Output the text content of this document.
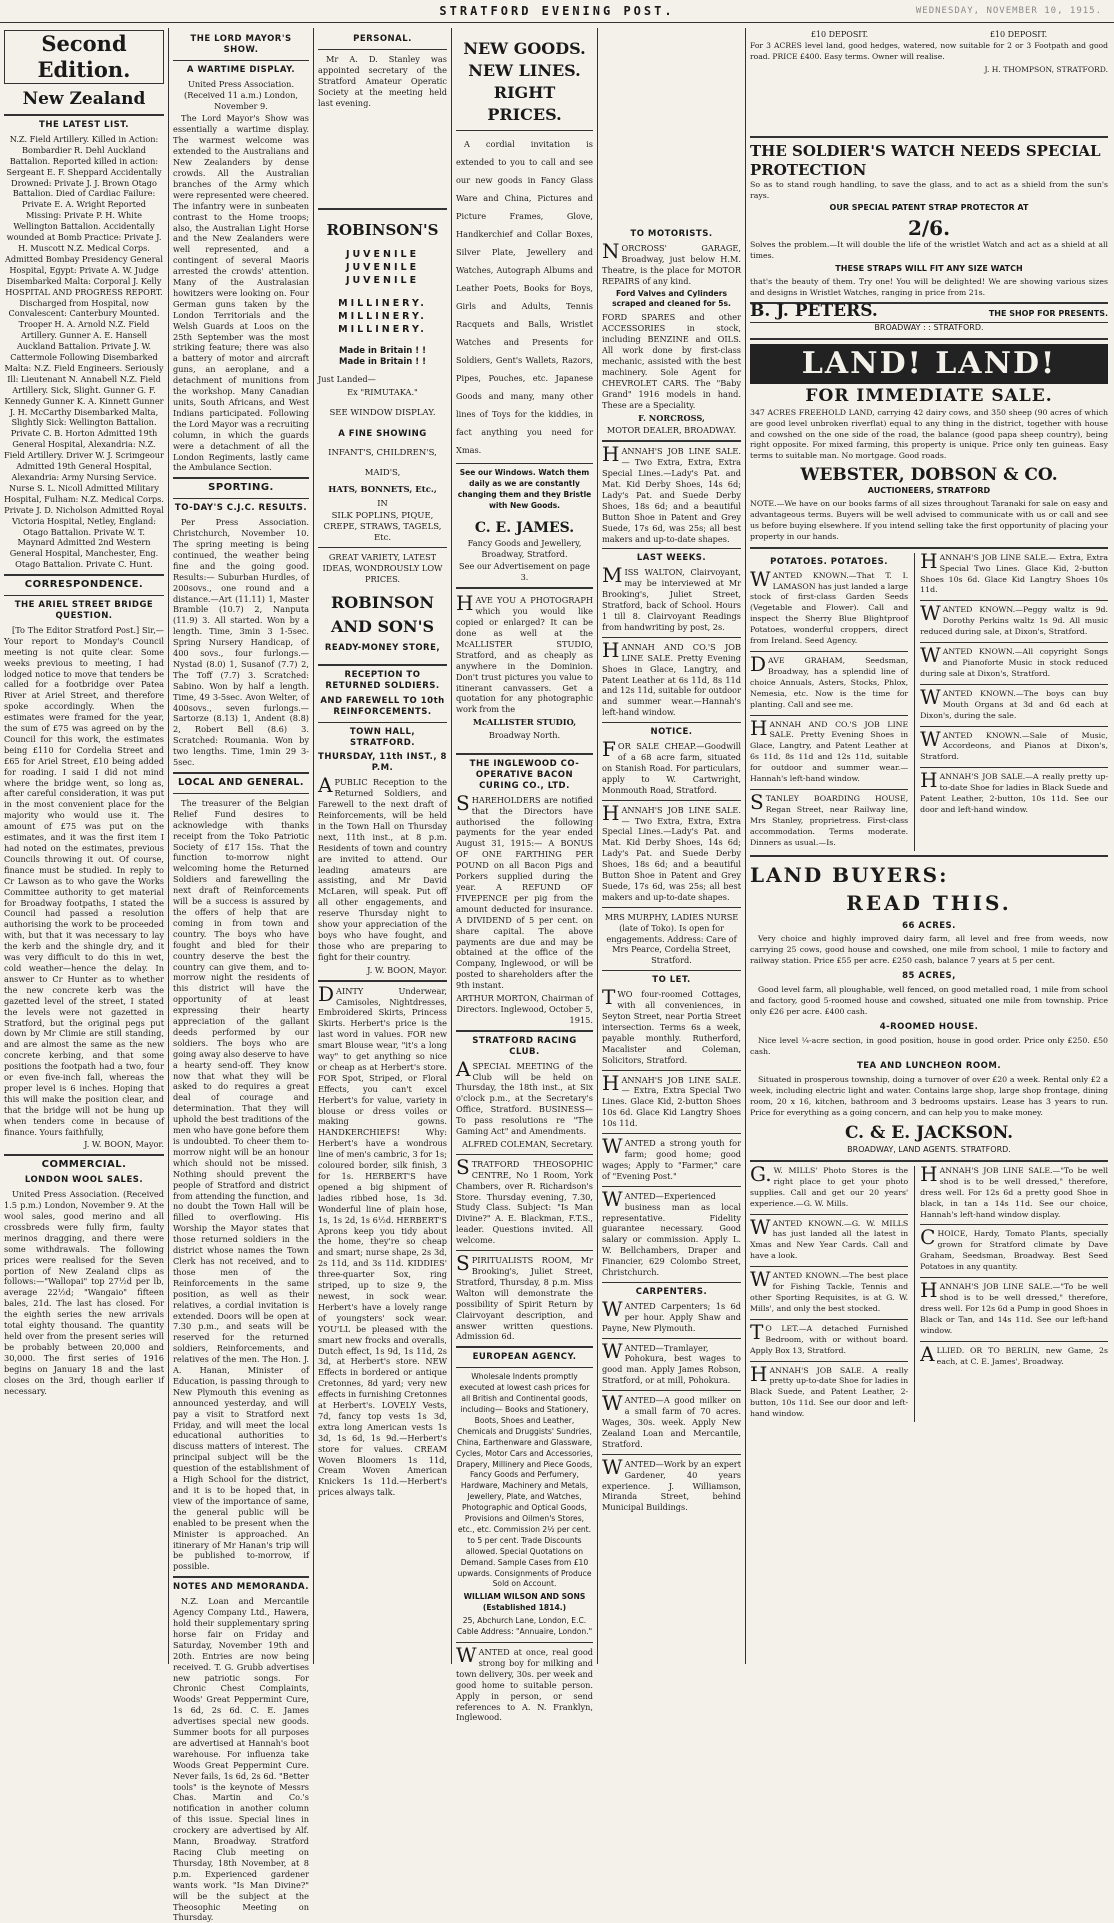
STRATFORD EVENING POST.	WEDNESDAY, NOVEMBER 10, 1915.
Second Edition.
New Zealand
THE LATEST LIST.

N.Z. Field Artillery. Killed in Action: Bombardier R. Dehl Auckland Battalion. Reported killed in action: Sergeant E. F. Sheppard Accidentally Drowned: Private J. J. Brown Otago Battalion. Died of Cardiac Failure: Private E. A. Wright Reported Missing: Private P. H. White Wellington Battalion. Accidentally wounded at Bomb Practice: Private J. H. Muscott N.Z. Medical Corps. Admitted Bombay Presidency General Hospital, Egypt: Private A. W. Judge Disembarked Malta: Corporal J. Kelly HOSPITAL AND PROGRESS REPORT. Discharged from Hospital, now Convalescent: Canterbury Mounted. Trooper H. A. Arnold N.Z. Field Artillery. Gunner A. E. Hansell Auckland Battalion. Private J. W. Cattermole Following Disembarked Malta: N.Z. Field Engineers. Seriously Ill: Lieutenant N. Annabell N.Z. Field Artillery. Sick, Slight. Gunner G. F. Kennedy Gunner K. A. Kinnett Gunner J. H. McCarthy Disembarked Malta, Slightly Sick: Wellington Battalion. Private C. B. Horton Admitted 19th General Hospital, Alexandria: N.Z. Field Artillery. Driver W. J. Scrimgeour Admitted 19th General Hospital, Alexandria: Army Nursing Service. Nurse S. L. Nicoll Admitted Military Hospital, Fulham: N.Z. Medical Corps. Private J. D. Nicholson Admitted Royal Victoria Hospital, Netley, England: Otago Battalion. Private W. T. Maynard Admitted 2nd Western General Hospital, Manchester, Eng. Otago Battalion. Private C. Hunt.

CORRESPONDENCE.
THE ARIEL STREET BRIDGE QUESTION.

[To The Editor Stratford Post.] Sir,—Your report to Monday's Council meeting is not quite clear. Some weeks previous to meeting, I had lodged notice to move that tenders be called for a footbridge over Patea River at Ariel Street, and therefore spoke accordingly. When the estimates were framed for the year, the sum of £75 was agreed on by the Council for this work, the estimates being £110 for Cordelia Street and £65 for Ariel Street, £10 being added for roading. I said I did not mind where the bridge went, so long as, after careful consideration, it was put in the most convenient place for the majority who would use it. The amount of £75 was put on the estimates, and it was the first item I had noted on the estimates, previous Councils throwing it out. Of course, finance must be studied. In reply to Cr Lawson as to who gave the Works Committee authority to get material for Broadway footpaths, I stated the Council had passed a resolution authorising the work to be proceeded with, but that it was necessary to lay the kerb and the shingle dry, and it was very difficult to do this in wet, cold weather—hence the delay. In answer to Cr Hunter as to whether the new concrete kerb was the gazetted level of the street, I stated the levels were not gazetted in Stratford, but the original pegs put down by Mr Climie are still standing, and are almost the same as the new concrete kerbing, and that some positions the footpath had a two, four or even five-inch fall, whereas the proper level is 6 inches. Hoping that this will make the position clear, and that the bridge will not be hung up when tenders come in because of finance. Yours faithfully,

J. W. BOON, Mayor.

COMMERCIAL.
LONDON WOOL SALES.

United Press Association. (Received 1.5 p.m.) London, November 9. At the wool sales, good merino and all crossbreds were fully firm, faulty merinos dragging, and there were some withdrawals. The following prices were realised for the Seven portion of New Zealand clips as follows:—"Wallopai" top 27½d per lb, average 22½d; "Wangaio" fifteen bales, 21d. The last has closed. For the eighth series the new arrivals total eighty thousand. The quantity held over from the present series will be probably between 20,000 and 30,000. The first series of 1916 begins on January 18 and the last closes on the 3rd, though earlier if necessary.

THE LORD MAYOR'S SHOW.
A WARTIME DISPLAY.

United Press Association. (Received 11 a.m.) London, November 9.

The Lord Mayor's Show was essentially a wartime display. The warmest welcome was extended to the Australians and New Zealanders by dense crowds. All the Australian branches of the Army which were represented were cheered. The infantry were in sunbeaten contrast to the Home troops; also, the Australian Light Horse and the New Zealanders were well represented, and a contingent of several Maoris arrested the crowds' attention. Many of the Australasian howitzers were looking on. Four German guns taken by the London Territorials and the Welsh Guards at Loos on the 25th September was the most striking feature; there was also a battery of motor and aircraft guns, an aeroplane, and a detachment of munitions from the workshop. Many Canadian units, South Africans, and West Indians participated. Following the Lord Mayor was a recruiting column, in which the guards were a detachment of all the London Regiments, lastly came the Ambulance Section.

SPORTING.
TO-DAY'S C.J.C. RESULTS.

Per Press Association. Christchurch, November 10. The spring meeting is being continued, the weather being fine and the going good. Results:— Suburban Hurdles, of 200sovs., one round and a distance.—Art (11.11) 1, Master Bramble (10.7) 2, Nanputa (11.9) 3. All started. Won by a length. Time, 3min 3 1-5sec. Spring Nursery Handicap, of 400 sovs., four furlongs.—Nystad (8.0) 1, Susanof (7.7) 2, The Toff (7.7) 3. Scratched: Sabino. Won by half a length. Time, 49 3-5sec. Avon Welter, of 400sovs., seven furlongs.—Sartorze (8.13) 1, Andent (8.8) 2, Robert Bell (8.6) 3. Scratched: Roumania. Won by two lengths. Time, 1min 29 3-5sec.

LOCAL AND GENERAL.

The treasurer of the Belgian Relief Fund desires to acknowledge with thanks receipt from the Toko Patriotic Society of £17 15s. That the function to-morrow night welcoming home the Returned Soldiers and farewelling the next draft of Reinforcements will be a success is assured by the offers of help that are coming in from town and country. The boys who have fought and bled for their country deserve the best the country can give them, and to-morrow night the residents of this district will have the opportunity of at least expressing their hearty appreciation of the gallant deeds performed by our soldiers. The boys who are going away also deserve to have a hearty send-off. They know now that what they will be asked to do requires a great deal of courage and determination. That they will uphold the best traditions of the men who have gone before them is undoubted. To cheer them to-morrow night will be an honour which should not be missed. Nothing should prevent the people of Stratford and district from attending the function, and no doubt the Town Hall will be filled to overflowing. His Worship the Mayor states that those returned soldiers in the district whose names the Town Clerk has not received, and to those men of the Reinforcements in the same position, as well as their relatives, a cordial invitation is extended. Doors will be open at 7.30 p.m., and seats will be reserved for the returned soldiers, Reinforcements, and relatives of the men. The Hon. J. A. Hanan, Minister of Education, is passing through to New Plymouth this evening as announced yesterday, and will pay a visit to Stratford next Friday, and will meet the local educational authorities to discuss matters of interest. The principal subject will be the question of the establishment of a High School for the district, and it is to be hoped that, in view of the importance of same, the general public will be enabled to be present when the Minister is approached. An itinerary of Mr Hanan's trip will be published to-morrow, if possible.

NOTES AND MEMORANDA.

N.Z. Loan and Mercantile Agency Company Ltd., Hawera, hold their supplementary spring horse fair on Friday and Saturday, November 19th and 20th. Entries are now being received. T. G. Grubb advertises new patriotic songs. For Chronic Chest Complaints, Woods' Great Peppermint Cure, 1s 6d, 2s 6d. C. E. James advertises special new goods. Summer boots for all purposes are advertised at Hannah's boot warehouse. For influenza take Woods Great Peppermint Cure. Never fails, 1s 6d, 2s 6d. "Better tools" is the keynote of Messrs Chas. Martin and Co.'s notification in another column of this issue. Special lines in crockery are advertised by Alf. Mann, Broadway. Stratford Racing Club meeting on Thursday, 18th November, at 8 p.m. Experienced gardener wants work. "Is Man Divine?" will be the subject at the Theosophic Meeting on Thursday.

PERSONAL.

Mr A. D. Stanley was appointed secretary of the Stratford Amateur Operatic Society at the meeting held last evening.

ROBINSON'S
JUVENILE
JUVENILE
JUVENILE
MILLINERY.
MILLINERY.
MILLINERY.
Made in Britain ! !
Made in Britain ! !

Just Landed—

Ex "RIMUTAKA."

SEE WINDOW DISPLAY.

A FINE SHOWING

INFANT'S, CHILDREN'S, MAID'S,

HATS, BONNETS, Etc.,

IN

SILK POPLINS, PIQUE, CREPE, STRAWS, TAGELS, Etc.

GREAT VARIETY, LATEST IDEAS, WONDROUSLY LOW PRICES.

ROBINSON AND SON'S
READY-MONEY STORE,
RECEPTION TO RETURNED SOLDIERS.
AND FAREWELL TO 10th REINFORCEMENTS.
TOWN HALL, STRATFORD.
THURSDAY, 11th INST., 8 P.M.

APUBLIC Reception to the Returned Soldiers, and Farewell to the next draft of Reinforcements, will be held in the Town Hall on Thursday next, 11th inst., at 8 p.m. Residents of town and country are invited to attend. Our leading amateurs are assisting, and Mr David McLaren, will speak. Put off all other engagements, and reserve Thursday night to show your appreciation of the boys who have fought, and those who are preparing to fight for their country.

J. W. BOON, Mayor.

DAINTY Underwear, Camisoles, Nightdresses, Embroidered Skirts, Princess Skirts. Herbert's price is the last word in values. FOR new smart Blouse wear, "it's a long way" to get anything so nice or cheap as at Herbert's store. FOR Spot, Striped, or Floral Effects, you can't excel Herbert's for value, variety in blouse or dress voiles or making gowns. HANDKERCHIEFS! Why: Herbert's have a wondrous line of men's cambric, 3 for 1s; coloured border, silk finish, 3 for 1s. HERBERT'S have opened a big shipment of ladies ribbed hose, 1s 3d. Wonderful line of plain hose, 1s, 1s 2d, 1s 6½d. HERBERT'S Aprons keep you tidy about the home, they're so cheap and smart; nurse shape, 2s 3d, 2s 11d, and 3s 11d. KIDDIES' three-quarter Sox, ring striped, up to size 9, the newest, in sock wear. Herbert's have a lovely range of youngsters' sock wear. YOU'LL be pleased with the smart new frocks and overalls, Dutch effect, 1s 9d, 1s 11d, 2s 3d, at Herbert's store. NEW Effects in bordered or antique Cretonnes, 8d yard; very new effects in furnishing Cretonnes at Herbert's. LOVELY Vests, 7d, fancy top vests 1s 3d, extra long American vests 1s 3d, 1s 6d, 1s 9d.—Herbert's store for values. CREAM Woven Bloomers 1s 11d, Cream Woven American Knickers 1s 11d.—Herbert's prices always talk.

NEW GOODS. NEW LINES. RIGHT PRICES.

A cordial invitation is extended to you to call and see our new goods in Fancy Glass Ware and China, Pictures and Picture Frames, Glove, Handkerchief and Collar Boxes, Silver Plate, Jewellery and Watches, Autograph Albums and Leather Poets, Books for Boys, Girls and Adults, Tennis Racquets and Balls, Wristlet Watches and Presents for Soldiers, Gent's Wallets, Razors, Pipes, Pouches, etc. Japanese Goods and many, many other lines of Toys for the kiddies, in fact anything you need for Xmas.

See our Windows. Watch them daily as we are constantly changing them and they Bristle with New Goods.

C. E. JAMES.

Fancy Goods and Jewellery, Broadway, Stratford.

See our Advertisement on page 3.

HAVE YOU A PHOTOGRAPH which you would like copied or enlarged? It can be done as well at the McALLISTER STUDIO, Stratford, and as cheaply as anywhere in the Dominion. Don't trust pictures you value to itinerant canvassers. Get a quotation for any photographic work from the

McALLISTER STUDIO,

Broadway North.

THE INGLEWOOD CO-OPERATIVE BACON CURING CO., LTD.

SHAREHOLDERS are notified that the Directors have authorised the following payments for the year ended August 31, 1915:— A BONUS OF ONE FARTHING PER POUND on all Bacon Pigs and Porkers supplied during the year. A REFUND OF FIVEPENCE per pig from the amount deducted for insurance. A DIVIDEND of 5 per cent. on share capital. The above payments are due and may be obtained at the office of the Company, Inglewood, or will be posted to shareholders after the 9th instant.

ARTHUR MORTON, Chairman of Directors. Inglewood, October 5, 1915.

STRATFORD RACING CLUB.

ASPECIAL MEETING of the Club will be held on Thursday, the 18th inst., at Six o'clock p.m., at the Secretary's Office, Stratford. BUSINESS— To pass resolutions re "The Gaming Act" and Amendments.

ALFRED COLEMAN, Secretary.

STRATFORD THEOSOPHIC CENTRE, No 1 Room, York Chambers, over R. Richardson's Store. Thursday evening, 7.30, Study Class. Subject: "Is Man Divine?" A. E. Blackman, F.T.S., leader. Questions invited. All welcome.

SPIRITUALISTS ROOM, Mr Brooking's, Juliet Street, Stratford, Thursday, 8 p.m. Miss Walton will demonstrate the possibility of Spirit Return by Clairvoyant description, and answer written questions. Admission 6d.

EUROPEAN AGENCY.

Wholesale Indents promptly executed at lowest cash prices for all British and Continental goods, including— Books and Stationery, Boots, Shoes and Leather, Chemicals and Druggists' Sundries, China, Earthenware and Glassware, Cycles, Motor Cars and Accessories, Drapery, Millinery and Piece Goods, Fancy Goods and Perfumery, Hardware, Machinery and Metals, Jewellery, Plate, and Watches, Photographic and Optical Goods, Provisions and Oilmen's Stores, etc., etc. Commission 2½ per cent. to 5 per cent. Trade Discounts allowed. Special Quotations on Demand. Sample Cases from £10 upwards. Consignments of Produce Sold on Account.

WILLIAM WILSON AND SONS (Established 1814.)

25, Abchurch Lane, London, E.C. Cable Address: "Annuaire, London."

WANTED at once, real good strong boy for milking and town delivery, 30s. per week and good home to suitable person. Apply in person, or send references to A. N. Franklyn, Inglewood.

TO MOTORISTS.

NORCROSS' GARAGE, Broadway, just below H.M. Theatre, is the place for MOTOR REPAIRS of any kind.

Ford Valves and Cylinders scraped and cleaned for 5s.

FORD SPARES and other ACCESSORIES in stock, including BENZINE and OILS. All work done by first-class mechanic, assisted with the best machinery. Sole Agent for CHEVROLET CARS. The "Baby Grand" 1916 models in hand. These are a Speciality.

F. NORCROSS,

MOTOR DEALER, BROADWAY.

HANNAH'S JOB LINE SALE.— Two Extra, Extra, Extra Special Lines.—Lady's Pat. and Mat. Kid Derby Shoes, 14s 6d; Lady's Pat. and Suede Derby Shoes, 18s 6d; and a beautiful Button Shoe in Patent and Grey Suede, 17s 6d, was 25s; all best makers and up-to-date shapes.

LAST WEEKS.

MISS WALTON, Clairvoyant, may be interviewed at Mr Brooking's, Juliet Street, Stratford, back of School. Hours 1 till 8. Clairvoyant Readings from handwriting by post, 2s.

HANNAH AND CO.'S JOB LINE SALE. Pretty Evening Shoes in Glace, Langtry, and Patent Leather at 6s 11d, 8s 11d and 12s 11d, suitable for outdoor and summer wear.—Hannah's left-hand window.

NOTICE.

FOR SALE CHEAP.—Goodwill of a 68 acre farm, situated on Stanish Road. For particulars, apply to W. Cartwright, Monmouth Road, Stratford.

HANNAH'S JOB LINE SALE.— Two Extra, Extra, Extra Special Lines.—Lady's Pat. and Mat. Kid Derby Shoes, 14s 6d; Lady's Pat. and Suede Derby Shoes, 18s 6d; and a beautiful Button Shoe in Patent and Grey Suede, 17s 6d, was 25s; all best makers and up-to-date shapes.

MRS MURPHY, LADIES NURSE (late of Toko). Is open for engagements. Address: Care of Mrs Pearce, Cordelia Street, Stratford.

TO LET.

TWO four-roomed Cottages, with all conveniences, in Seyton Street, near Portia Street intersection. Terms 6s a week, payable monthly. Rutherford, Macalister and Coleman, Solicitors, Stratford.

HANNAH'S JOB LINE SALE.— Extra, Extra Special Two Lines. Glace Kid, 2-button Shoes 10s 6d. Glace Kid Langtry Shoes 10s 11d.

WANTED a strong youth for farm; good home; good wages; Apply to "Farmer," care of "Evening Post."

WANTED—Experienced business man as local representative. Fidelity guarantee necessary. Good salary or commission. Apply L. W. Bellchambers, Draper and Financier, 629 Colombo Street, Christchurch.

CARPENTERS.

WANTED Carpenters; 1s 6d per hour. Apply Shaw and Payne, New Plymouth.

WANTED—Tramlayer, Pohokura, best wages to good man. Apply James Robson, Stratford, or at mill, Pohokura.

WANTED—A good milker on a small farm of 70 acres. Wages, 30s. week. Apply New Zealand Loan and Mercantile, Stratford.

WANTED—Work by an expert Gardener, 40 years experience. J. Williamson, Miranda Street, behind Municipal Buildings.

£10 DEPOSIT.	£10 DEPOSIT.

For 3 ACRES level land, good hedges, watered, now suitable for 2 or 3 Footpath and good road. PRICE £400. Easy terms. Owner will realise.

J. H. THOMPSON, STRATFORD.

THE SOLDIER'S WATCH NEEDS SPECIAL PROTECTION

So as to stand rough handling, to save the glass, and to act as a shield from the sun's rays.

OUR SPECIAL PATENT STRAP PROTECTOR AT

2/6.

Solves the problem.—It will double the life of the wristlet Watch and act as a shield at all times.

THESE STRAPS WILL FIT ANY SIZE WATCH

that's the beauty of them. Try one! You will be delighted! We are showing various sizes and designs in Wristlet Watches, ranging in price from 21s.

B. J. PETERS.	THE SHOP FOR PRESENTS.

BROADWAY : : STRATFORD.

LAND! LAND!
FOR IMMEDIATE SALE.

347 ACRES FREEHOLD LAND, carrying 42 dairy cows, and 350 sheep (90 acres of which are good level unbroken riverflat) equal to any thing in the district, together with house and cowshed on the one side of the road, the balance (good papa sheep country), being right opposite. For mixed farming, this property is unique. Price only ten guineas. Easy terms to suitable man. No mortgage. Good roads.

WEBSTER, DOBSON & CO.

AUCTIONEERS, STRATFORD

NOTE.—We have on our books farms of all sizes throughout Taranaki for sale on easy and advantageous terms. Buyers will be well advised to communicate with us or call and see us before buying elsewhere. If you intend selling take the first opportunity of placing your property in our hands.

POTATOES. POTATOES.

WANTED KNOWN.—That T. I. LAMASON has just landed a large stock of first-class Garden Seeds (Vegetable and Flower). Call and inspect the Sherry Blue Blightproof Potatoes, wonderful croppers, direct from Ireland. Seed Agency.

DAVE GRAHAM, Seedsman, Broadway, has a splendid line of choice Annuals, Asters, Stocks, Phlox, Nemesia, etc. Now is the time for planting. Call and see me.

HANNAH AND CO.'S JOB LINE SALE. Pretty Evening Shoes in Glace, Langtry, and Patent Leather at 6s 11d, 8s 11d and 12s 11d, suitable for outdoor and summer wear.—Hannah's left-hand window.

STANLEY BOARDING HOUSE, Regan Street, near Railway line, Mrs Stanley, proprietress. First-class accommodation. Terms moderate. Dinners as usual.—Is.

HANNAH'S JOB LINE SALE.— Extra, Extra Special Two Lines. Glace Kid, 2-button Shoes 10s 6d. Glace Kid Langtry Shoes 10s 11d.

WANTED KNOWN.—Peggy waltz is 9d. Dorothy Perkins waltz 1s 9d. All music reduced during sale, at Dixon's, Stratford.

WANTED KNOWN.—All copyright Songs and Pianoforte Music in stock reduced during sale at Dixon's, Stratford.

WANTED KNOWN.—The boys can buy Mouth Organs at 3d and 6d each at Dixon's, during the sale.

WANTED KNOWN.—Sale of Music, Accordeons, and Pianos at Dixon's, Stratford.

HANNAH'S JOB SALE.—A really pretty up-to-date Shoe for ladies in Black Suede and Patent Leather, 2-button, 10s 11d. See our door and left-hand window.

LAND BUYERS:
READ THIS.
66 ACRES.

Very choice and highly improved dairy farm, all level and free from weeds, now carrying 25 cows, good house and cowshed, one mile from school, 1 mile to factory and railway station. Price £55 per acre. £250 cash, balance 7 years at 5 per cent.

85 ACRES,

Good level farm, all ploughable, well fenced, on good metalled road, 1 mile from school and factory, good 5-roomed house and cowshed, situated one mile from township. Price only £26 per acre. £400 cash.

4-ROOMED HOUSE.

Nice level ¼-acre section, in good position, house in good order. Price only £250. £50 cash.

TEA AND LUNCHEON ROOM.

Situated in prosperous township, doing a turnover of over £20 a week. Rental only £2 a week, including electric light and water. Contains large shop, large shop frontage, dining room, 20 x 16, kitchen, bathroom and 3 bedrooms upstairs. Lease has 3 years to run. Price for everything as a going concern, and can help you to make money.

C. & E. JACKSON.

BROADWAY, LAND AGENTS. STRATFORD.

G.W. MILLS' Photo Stores is the right place to get your photo supplies. Call and get our 20 years' experience.—G. W. Mills.

WANTED KNOWN.—G. W. MILLS has just landed all the latest in Xmas and New Year Cards. Call and have a look.

WANTED KNOWN.—The best place for Fishing Tackle, Tennis and other Sporting Requisites, is at G. W. Mills', and only the best stocked.

TO LET.—A detached Furnished Bedroom, with or without board. Apply Box 13, Stratford.

HANNAH'S JOB SALE. A really pretty up-to-date Shoe for ladies in Black Suede, and Patent Leather, 2-button, 10s 11d. See our door and left-hand window.

HANNAH'S JOB LINE SALE.—"To be well shod is to be well dressed," therefore, dress well. For 12s 6d a pretty good Shoe in black, in tan a 14s 11d. See our choice, Hannah's left-hand window display.

CHOICE, Hardy, Tomato Plants, specially grown for Stratford climate by Dave Graham, Seedsman, Broadway. Best Seed Potatoes in any quantity.

HANNAH'S JOB LINE SALE.—"To be well shod is to be well dressed," therefore, dress well. For 12s 6d a Pump in good Shoes in Black or Tan, and 14s 11d. See our left-hand window.

ALLIED. OR TO BERLIN, new Game, 2s each, at C. E. James', Broadway.
